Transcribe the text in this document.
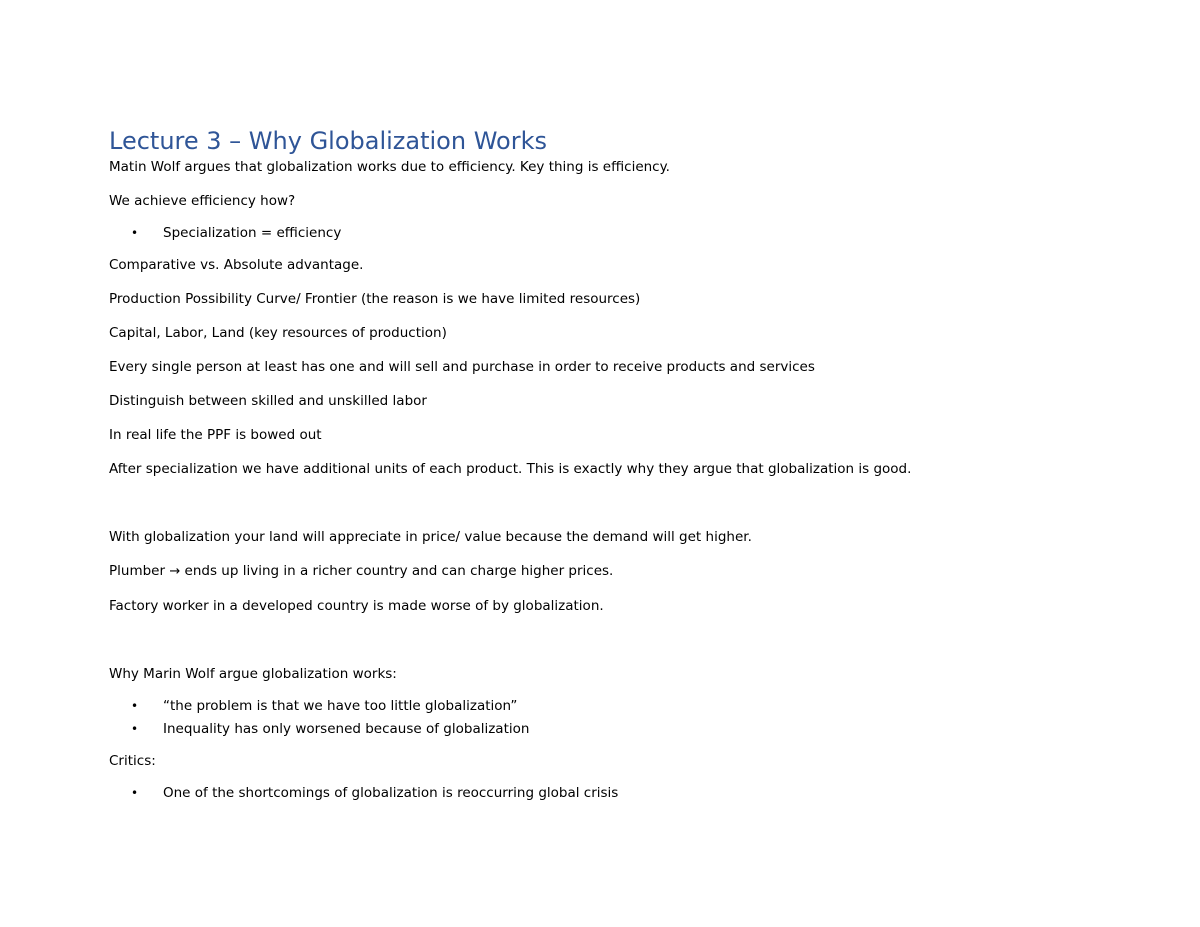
Lecture 3 – Why Globalization Works

Matin Wolf argues that globalization works due to efficiency. Key thing is efficiency.

We achieve efficiency how?

• Specialization = efficiency

Comparative vs. Absolute advantage.

Production Possibility Curve/ Frontier (the reason is we have limited resources)

Capital, Labor, Land (key resources of production)

Every single person at least has one and will sell and purchase in order to receive products and services

Distinguish between skilled and unskilled labor

In real life the PPF is bowed out

After specialization we have additional units of each product. This is exactly why they argue that globalization is good.

With globalization your land will appreciate in price/ value because the demand will get higher.

Plumber → ends up living in a richer country and can charge higher prices.

Factory worker in a developed country is made worse of by globalization.

Why Marin Wolf argue globalization works:

• “the problem is that we have too little globalization”
• Inequality has only worsened because of globalization

Critics:

• One of the shortcomings of globalization is reoccurring global crisis
